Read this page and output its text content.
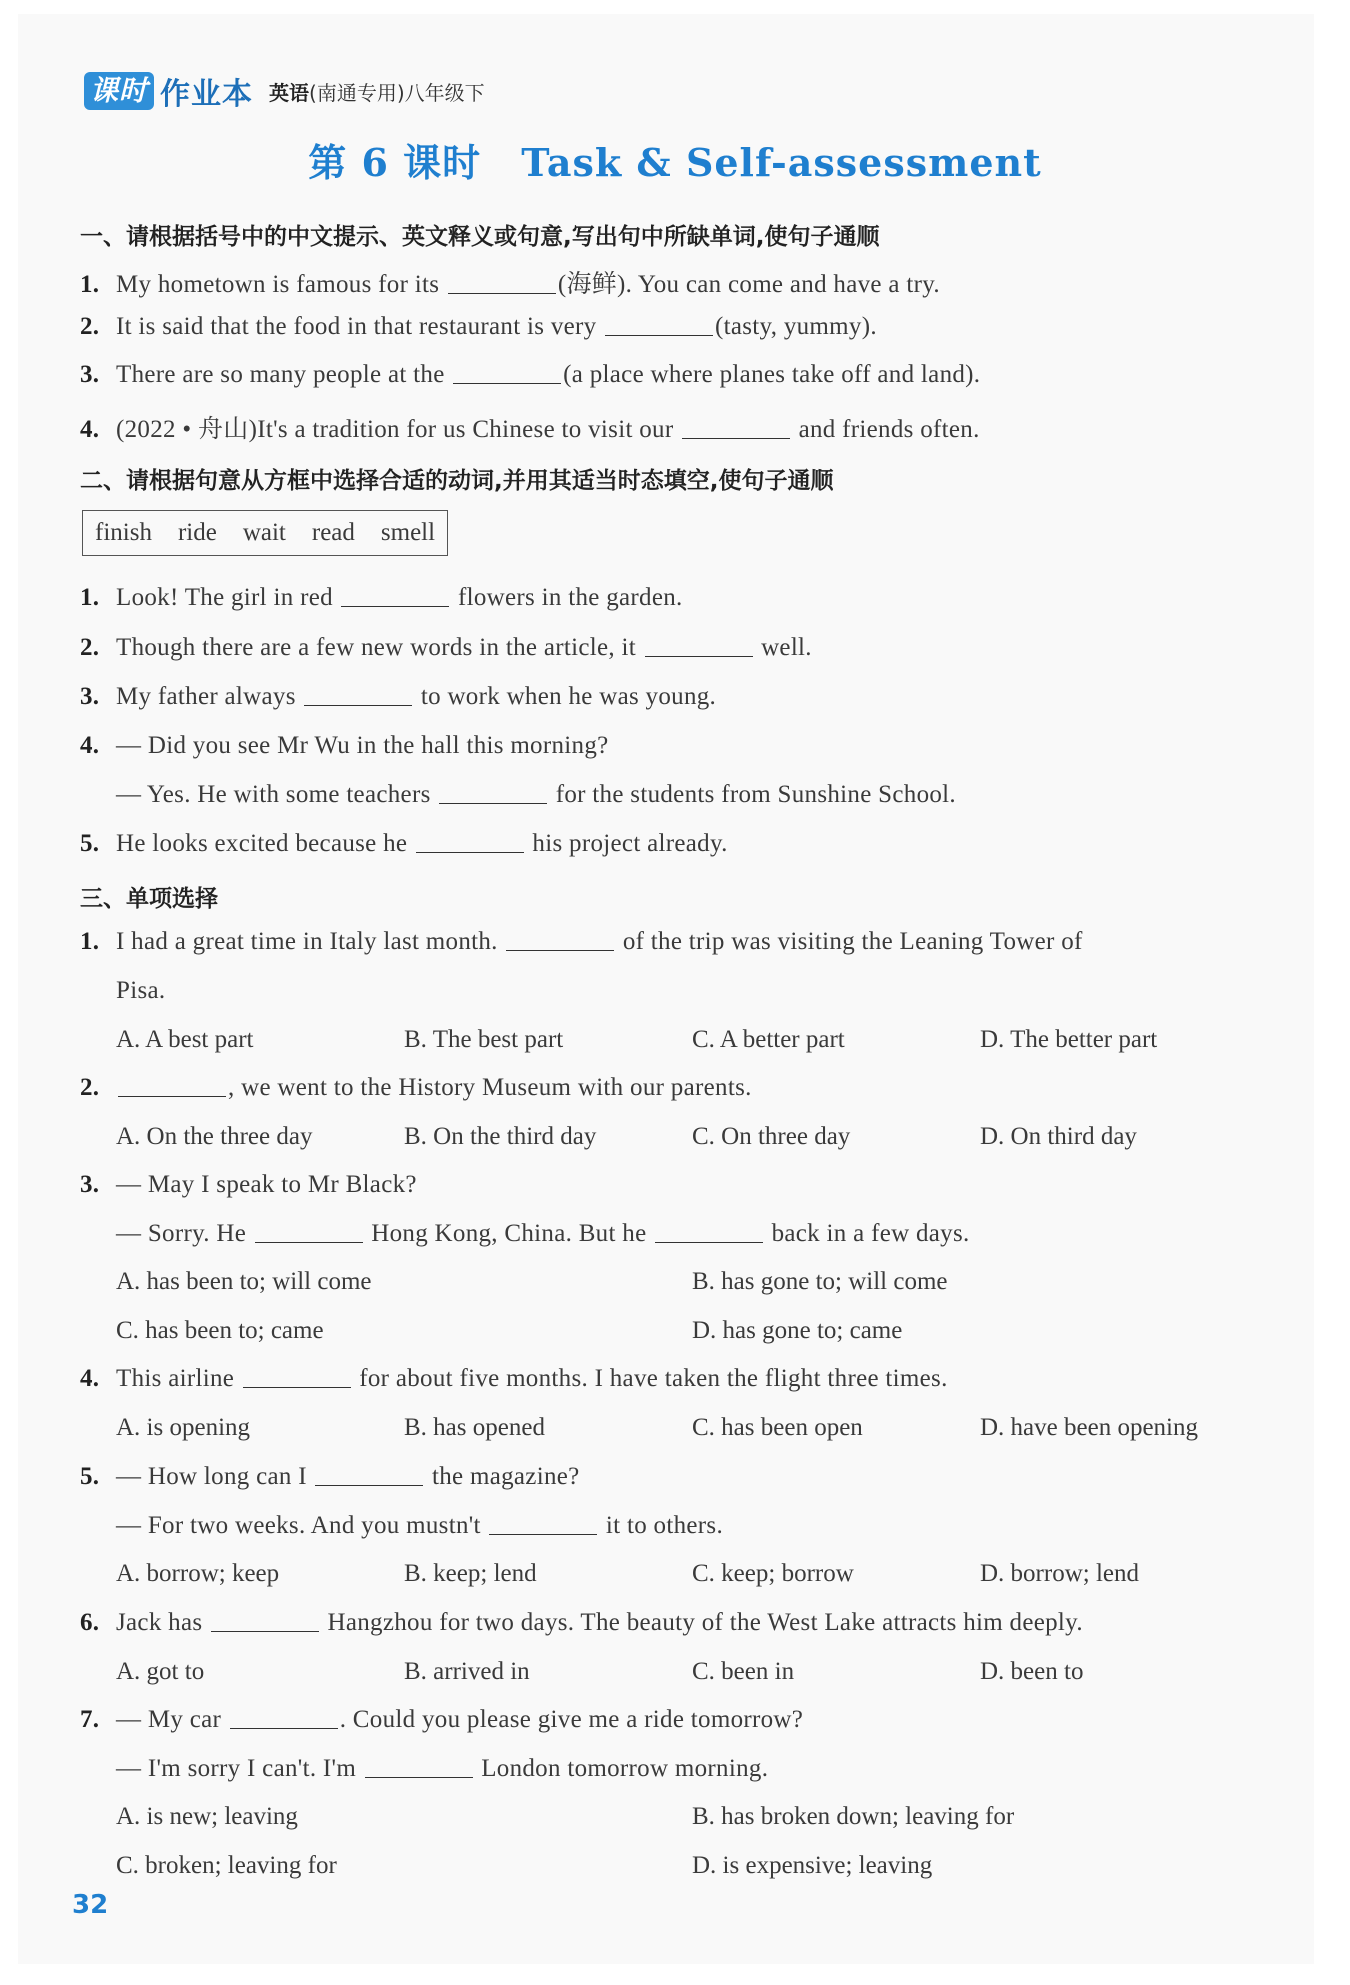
课时 作业本 英语 (南通专用)八年级下
第 6 课时 Task & Self-assessment
一、请根据括号中的中文提示、英文释义或句意,写出句中所缺单词,使句子通顺
1. My hometown is famous for its	(海鲜). You can come and have a try.
2. It is said that the food in that restaurant is very	(tasty, yummy).
3. There are so many people at the	(a place where planes take off and land).
4. (2022 • 舟山)It's a tradition for us Chinese to visit our	and friends often.
二、请根据句意从方框中选择合适的动词,并用其适当时态填空,使句子通顺
finish ride wait read smell
1. Look! The girl in red	flowers in the garden.
2. Though there are a few new words in the article, it	well.
3. My father always	to work when he was young.
4. — Did you see Mr Wu in the hall this morning?
— Yes. He with some teachers	for the students from Sunshine School.
5. He looks excited because he	his project already.
三、单项选择
1. I had a great time in Italy last month.	of the trip was visiting the Leaning Tower of
Pisa.
A. A best part	B. The best part	C. A better part	D. The better part
2.	, we went to the History Museum with our parents.
A. On the three day	B. On the third day	C. On three day	D. On third day
3. — May I speak to Mr Black?
— Sorry. He	Hong Kong, China. But he	back in a few days.
A. has been to; will come	B. has gone to; will come
C. has been to; came	D. has gone to; came
4. This airline	for about five months. I have taken the flight three times.
A. is opening	B. has opened	C. has been open	D. have been opening
5. — How long can I	the magazine?
— For two weeks. And you mustn't	it to others.
A. borrow; keep	B. keep; lend	C. keep; borrow	D. borrow; lend
6. Jack has	Hangzhou for two days. The beauty of the West Lake attracts him deeply.
A. got to	B. arrived in	C. been in	D. been to
7. — My car	. Could you please give me a ride tomorrow?
— I'm sorry I can't. I'm	London tomorrow morning.
A. is new; leaving	B. has broken down; leaving for
C. broken; leaving for	D. is expensive; leaving
32
